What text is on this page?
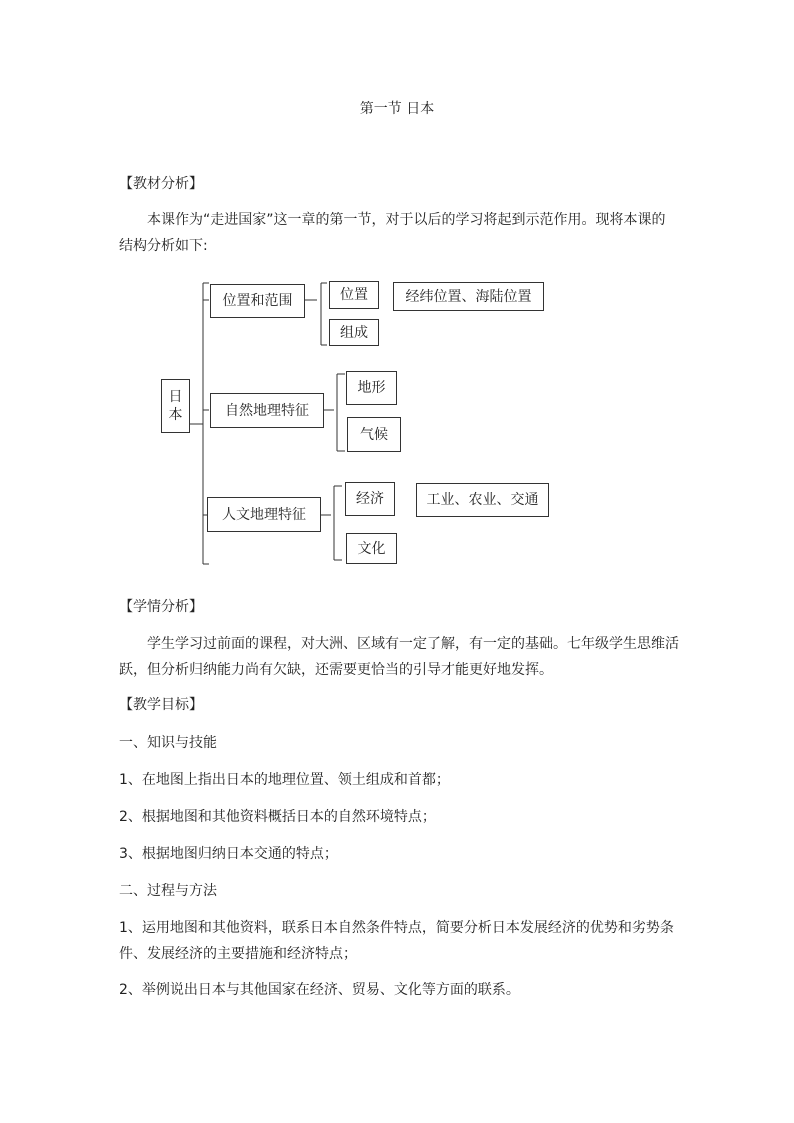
第一节 日本
【教材分析】
本课作为“走进国家”这一章的第一节，对于以后的学习将起到示范作用。现将本课的结构分析如下:
日
本
位置和范围	位置	经纬位置、海陆位置
组成
自然地理特征
地形
气候
人文地理特征
经济	工业、农业、交通
文化
【学情分析】
学生学习过前面的课程，对大洲、区域有一定了解，有一定的基础。七年级学生思维活跃，但分析归纳能力尚有欠缺，还需要更恰当的引导才能更好地发挥。
【教学目标】
一、知识与技能
1、在地图上指出日本的地理位置、领土组成和首都；
2、根据地图和其他资料概括日本的自然环境特点；
3、根据地图归纳日本交通的特点；
二、过程与方法
1、运用地图和其他资料，联系日本自然条件特点，简要分析日本发展经济的优势和劣势条件、发展经济的主要措施和经济特点；
2、举例说出日本与其他国家在经济、贸易、文化等方面的联系。
